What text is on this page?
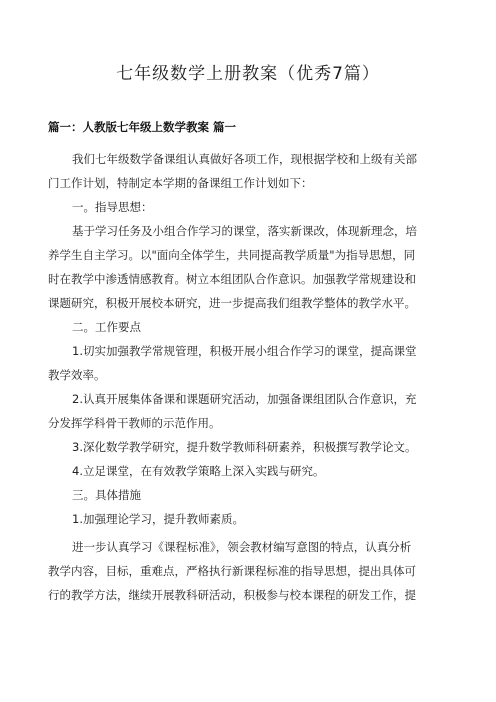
七年级数学上册教案（优秀7篇）
篇一：人教版七年级上数学教案 篇一
我们七年级数学备课组认真做好各项工作，现根据学校和上级有关部
门工作计划，特制定本学期的备课组工作计划如下：
一。指导思想：
基于学习任务及小组合作学习的课堂，落实新课改，体现新理念，培
养学生自主学习。以"面向全体学生，共同提高教学质量"为指导思想，同
时在教学中渗透情感教育。树立本组团队合作意识。加强教学常规建设和
课题研究，积极开展校本研究，进一步提高我们组教学整体的教学水平。
二。工作要点
1.切实加强教学常规管理，积极开展小组合作学习的课堂，提高课堂
教学效率。
2.认真开展集体备课和课题研究活动，加强备课组团队合作意识，充
分发挥学科骨干教师的示范作用。
3.深化数学教学研究，提升数学教师科研素养，积极撰写教学论文。
4.立足课堂，在有效教学策略上深入实践与研究。
三。具体措施
1.加强理论学习，提升教师素质。
进一步认真学习《课程标准》，领会教材编写意图的特点，认真分析
教学内容，目标，重难点，严格执行新课程标准的指导思想，提出具体可
行的教学方法，继续开展教科研活动，积极参与校本课程的研发工作，提
